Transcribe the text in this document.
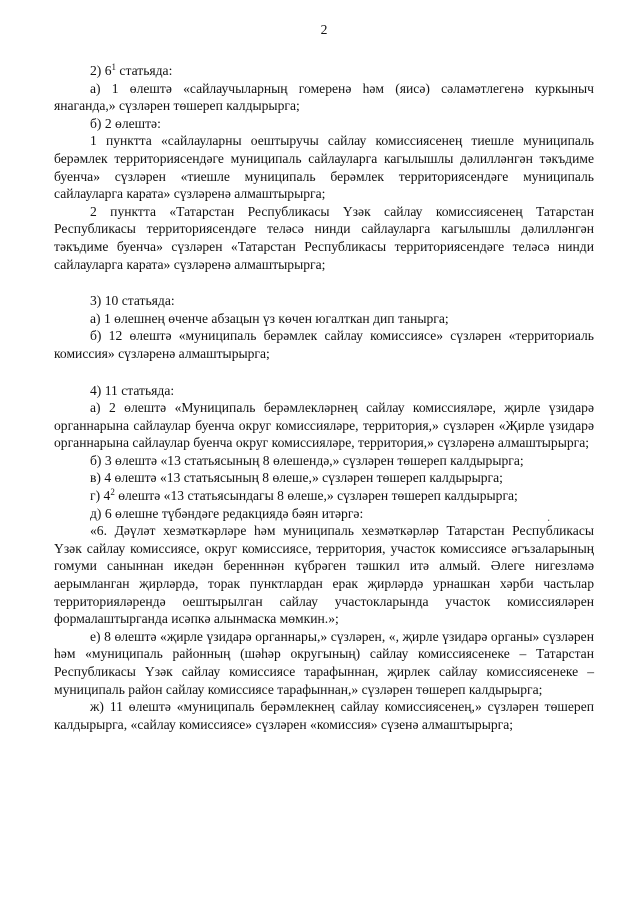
2

2) $6^1$ статьяда:

а) 1 өлештә «сайлаучыларның гомеренә һәм (яисә) сәламәтлегенә куркыныч янаганда,» сүзләрен төшереп калдырырга;

б) 2 өлештә:

1 пунктта «сайлауларны оештыручы сайлау комиссиясенең тиешле муниципаль берәмлек территориясендәге муниципаль сайлауларга кагылышлы дәлилләнгән тәкъдиме буенча» сүзләрен «тиешле муниципаль берәмлек территориясендәге муниципаль сайлауларга карата» сүзләренә алмаштырырга;

2 пунктта «Татарстан Республикасы Үзәк сайлау комиссиясенең Татарстан Республикасы территориясендәге теләсә нинди сайлауларга кагылышлы дәлилләнгән тәкъдиме буенча» сүзләрен «Татарстан Республикасы территориясендәге теләсә нинди сайлауларга карата» сүзләренә алмаштырырга;

3) 10 статьяда:

а) 1 өлешнең өченче абзацын үз көчен югалткан дип танырга;

б) 12 өлештә «муниципаль берәмлек сайлау комиссиясе» сүзләрен «территориаль комиссия» сүзләренә алмаштырырга;

4) 11 статьяда:

а) 2 өлештә «Муниципаль берәмлекләрнең сайлау комиссияләре, җирле үзидарә органнарына сайлаулар буенча округ комиссияләре, территория,» сүзләрен «Җирле үзидарә органнарына сайлаулар буенча округ комиссияләре, территория,» сүзләренә алмаштырырга;

б) 3 өлештә «13 статьясының 8 өлешендә,» сүзләрен төшереп калдырырга;

в) 4 өлештә «13 статьясының 8 өлеше,» сүзләрен төшереп калдырырга;

г) $4^2$ өлештә «13 статьясындагы 8 өлеше,» сүзләрен төшереп калдырырга;

д) 6 өлешне түбәндәге редакциядә бәян итәргә:

«6. Дәүләт хезмәткәрләре һәм муниципаль хезмәткәрләр Татарстан Республикасы Үзәк сайлау комиссиясе, округ комиссиясе, территория, участок комиссиясе әгъзаларының гомуми саныннан икедән беренннән күбрәген тәшкил итә алмый. Әлеге нигезләмә аерымланган җирләрдә, торак пунктлардан ерак җирләрдә урнашкан хәрби частьлар территорияләрендә оештырылган сайлау участокларында участок комиссияләрен формалаштырганда исәпкә алынмаска мөмкин.»;

е) 8 өлештә «җирле үзидарә органнары,» сүзләрен, «, җирле үзидарә органы» сүзләрен һәм «муниципаль районның (шәһәр округының) сайлау комиссиясенеке – Татарстан Республикасы Үзәк сайлау комиссиясе тарафыннан, җирлек сайлау комиссиясенеке – муниципаль район сайлау комиссиясе тарафыннан,» сүзләрен төшереп калдырырга;

ж) 11 өлештә «муниципаль берәмлекнең сайлау комиссиясенең,» сүзләрен төшереп калдырырга, «сайлау комиссиясе» сүзләрен «комиссия» сүзенә алмаштырырга;

.
